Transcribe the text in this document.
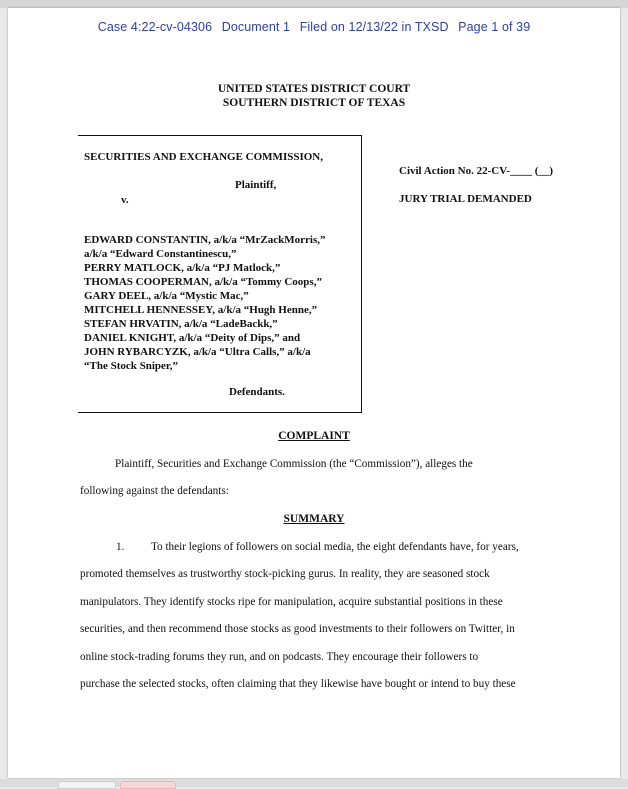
Case 4:22-cv-04306 Document 1 Filed on 12/13/22 in TXSD Page 1 of 39
UNITED STATES DISTRICT COURT
SOUTHERN DISTRICT OF TEXAS
SECURITIES AND EXCHANGE COMMISSION,
Plaintiff,
v.
EDWARD CONSTANTIN, a/k/a “MrZackMorris,”
a/k/a “Edward Constantinescu,”
PERRY MATLOCK, a/k/a “PJ Matlock,”
THOMAS COOPERMAN, a/k/a “Tommy Coops,”
GARY DEEL, a/k/a “Mystic Mac,”
MITCHELL HENNESSEY, a/k/a “Hugh Henne,”
STEFAN HRVATIN, a/k/a “LadeBackk,”
DANIEL KNIGHT, a/k/a “Deity of Dips,” and
JOHN RYBARCYZK, a/k/a “Ultra Calls,” a/k/a
“The Stock Sniper,”
Defendants.
Civil Action No. 22-CV-____ (__)
JURY TRIAL DEMANDED
COMPLAINT
Plaintiff, Securities and Exchange Commission (the “Commission”), alleges the
following against the defendants:
SUMMARY
1. To their legions of followers on social media, the eight defendants have, for years,
promoted themselves as trustworthy stock-picking gurus. In reality, they are seasoned stock
manipulators. They identify stocks ripe for manipulation, acquire substantial positions in these
securities, and then recommend those stocks as good investments to their followers on Twitter, in
online stock-trading forums they run, and on podcasts. They encourage their followers to
purchase the selected stocks, often claiming that they likewise have bought or intend to buy these
